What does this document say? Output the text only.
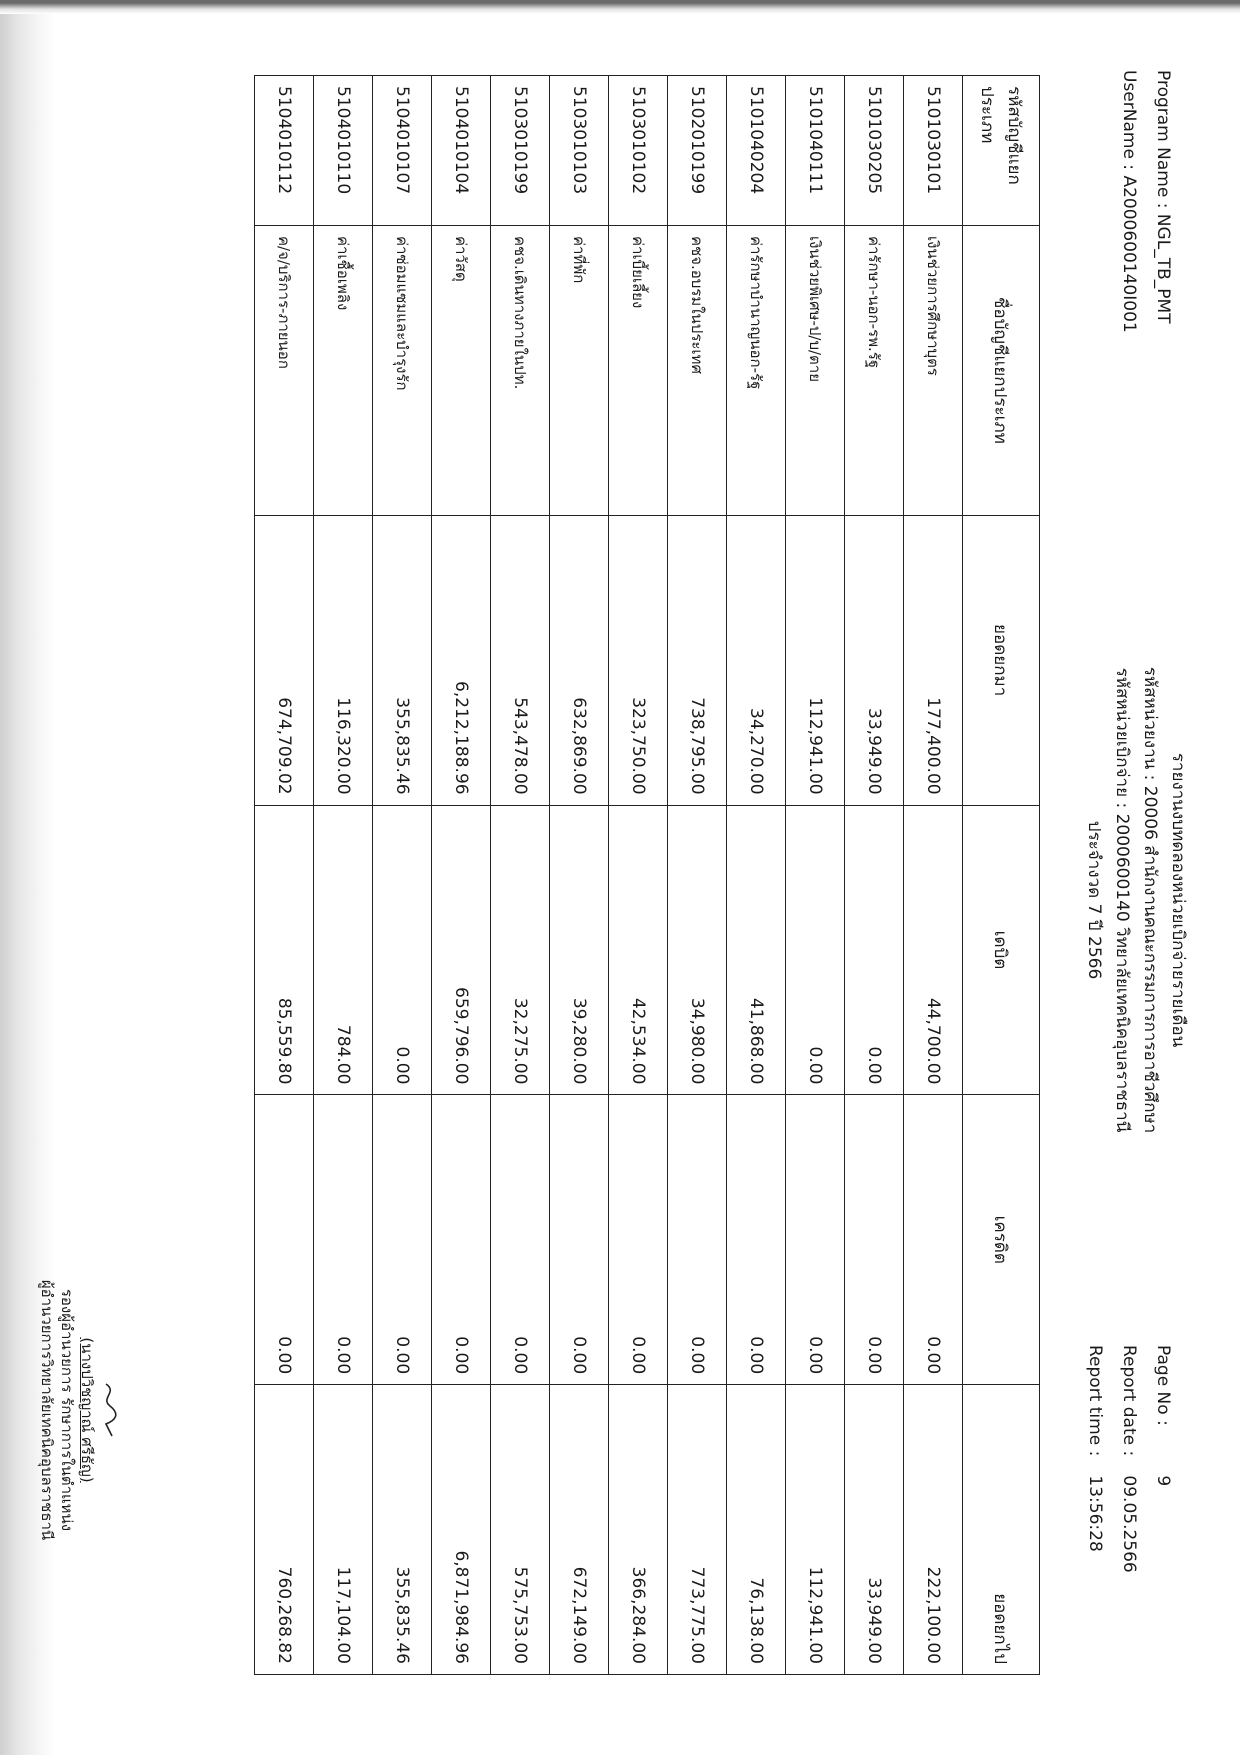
Program Name : NGL_TB_PMT
UserName : A2000600140I001
รายงานงบทดลองหน่วยเบิกจ่ายรายเดือน
รหัสหน่วยงาน : 20006 สำนักงานคณะกรรมการการอาชีวศึกษา
รหัสหน่วยเบิกจ่าย : 2000600140 วิทยาลัยเทคนิคอุบลราชธานี
ประจำงวด 7 ปี 2566
Page No : 9
Report date : 09.05.2566
Report time : 13:56:28
รหัสบัญชีแยกประเภท	ชื่อบัญชีแยกประเภท	ยอดยกมา	เดบิต	เครดิต	ยอดยกไป
5101030101	เงินช่วยการศึกษาบุตร	177,400.00	44,700.00	0.00	222,100.00
5101030205	ค่ารักษา-นอก-รพ.รัฐ	33,949.00	0.00	0.00	33,949.00
5101040111	เงินช่วยพิเศษ-ป/บ/ตาย	112,941.00	0.00	0.00	112,941.00
5101040204	ค่ารักษาบำนาญนอก-รัฐ	34,270.00	41,868.00	0.00	76,138.00
5102010199	คชจ.อบรมในประเทศ	738,795.00	34,980.00	0.00	773,775.00
5103010102	ค่าเบี้ยเลี้ยง	323,750.00	42,534.00	0.00	366,284.00
5103010103	ค่าที่พัก	632,869.00	39,280.00	0.00	672,149.00
5103010199	คชจ.เดินทางภายในปท.	543,478.00	32,275.00	0.00	575,753.00
5104010104	ค่าวัสดุ	6,212,188.96	659,796.00	0.00	6,871,984.96
5104010107	ค่าซ่อมแซมและบำรุงรัก	355,835.46	0.00	0.00	355,835.46
5104010110	ค่าเชื้อเพลิง	116,320.00	784.00	0.00	117,104.00
5104010112	ค/จ/บริการ-ภายนอก	674,709.02	85,559.80	0.00	760,268.82
(นางปวิชญาณ์ ศรีธัญ)
รองผู้อำนวยการ รักษาการในตำแหน่ง
ผู้อำนวยการวิทยาลัยเทคนิคอุบลราชธานี
